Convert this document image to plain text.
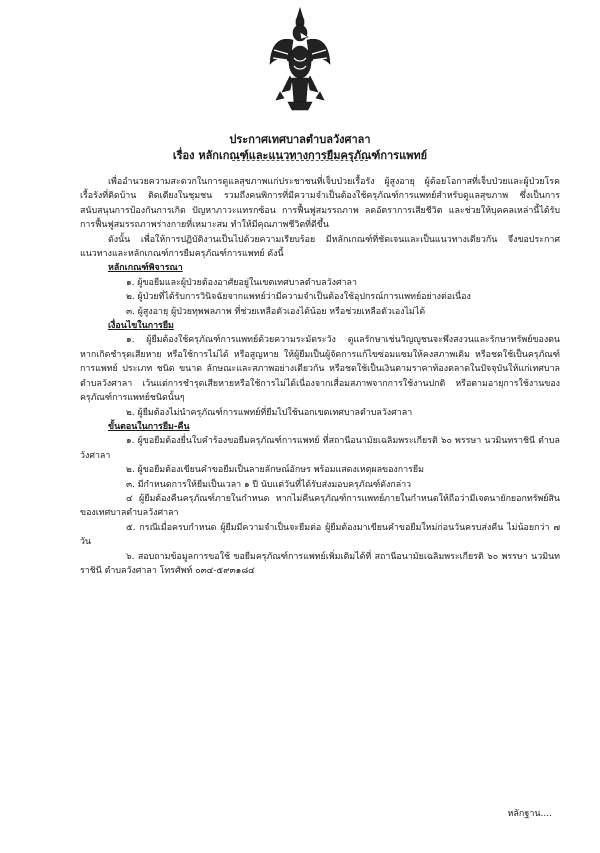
ประกาศเทศบาลตำบลวังศาลา
เรื่อง หลักเกณฑ์และแนวทางการยืมครุภัณฑ์การแพทย์

เพื่ออำนวยความสะดวกในการดูแลสุขภาพแก่ประชาชนที่เจ็บป่วยเรื้อรัง ผู้สูงอายุ ผู้ด้อยโอกาสที่เจ็บป่วยและผู้ป่วยโรคเรื้อรังที่ติดบ้าน ติดเตียงในชุมชน รวมถึงคนพิการที่มีความจำเป็นต้องใช้ครุภัณฑ์การแพทย์สำหรับดูแลสุขภาพ ซึ่งเป็นการสนับสนุนการป้องกันการเกิด ปัญหาภาวะแทรกซ้อน การฟื้นฟูสมรรถภาพ ลดอัตราการเสียชีวิต และช่วยให้บุคคลเหล่านี้ได้รับการฟื้นฟูสมรรถภาพร่างกายที่เหมาะสม ทำให้มีคุณภาพชีวิตที่ดีขึ้น

ดังนั้น เพื่อให้การปฏิบัติงานเป็นไปด้วยความเรียบร้อย มีหลักเกณฑ์ที่ชัดเจนและเป็นแนวทางเดียวกัน จึงขอประกาศแนวทางและหลักเกณฑ์การยืมครุภัณฑ์การแพทย์ ดังนี้

หลักเกณฑ์พิจารณา

๑. ผู้ขอยืมและผู้ป่วยต้องอาศัยอยู่ในเขตเทศบาลตำบลวังศาลา

๒. ผู้ป่วยที่ได้รับการวินิจฉัยจากแพทย์ว่ามีความจำเป็นต้องใช้อุปกรณ์การแพทย์อย่างต่อเนื่อง

๓. ผู้สูงอายุ ผู้ป่วยทุพพลภาพ ที่ช่วยเหลือตัวเองได้น้อย หรือช่วยเหลือตัวเองไม่ได้

เงื่อนไขในการยืม

๑. ผู้ยืมต้องใช้ครุภัณฑ์การแพทย์ด้วยความระมัดระวัง ดูแลรักษาเช่นวิญญูชนจะพึงสงวนและรักษาทรัพย์ของตน หากเกิดชำรุดเสียหาย หรือใช้การไม่ได้ หรือสูญหาย ให้ผู้ยืมเป็นผู้จัดการแก้ไขซ่อมแซมให้คงสภาพเดิม หรือชดใช้เป็นครุภัณฑ์การแพทย์ ประเภท ชนิด ขนาด ลักษณะและสภาพอย่างเดียวกัน หรือชดใช้เป็นเงินตามราคาท้องตลาดในปัจจุบันให้แก่เทศบาลตำบลวังศาลา เว้นแต่การชำรุดเสียหายหรือใช้การไม่ได้เนื่องจากเสื่อมสภาพจากการใช้งานปกติ หรือตามอายุการใช้งานของครุภัณฑ์การแพทย์ชนิดนั้นๆ

๒. ผู้ยืมต้องไม่นำครุภัณฑ์การแพทย์ที่ยืมไปใช้นอกเขตเทศบาลตำบลวังศาลา

ขั้นตอนในการยืม-คืน

๑. ผู้ขอยืมต้องยื่นใบคำร้องขอยืมครุภัณฑ์การแพทย์ ที่สถานีอนามัยเฉลิมพระเกียรติ ๖๐ พรรษา นวมินทราชินี ตำบลวังศาลา

๒. ผู้ขอยืมต้องเขียนคำขอยืมเป็นลายลักษณ์อักษร พร้อมแสดงเหตุผลของการยืม

๓. มีกำหนดการให้ยืมเป็นเวลา ๑ ปี นับแต่วันที่ได้รับส่งมอบครุภัณฑ์ดังกล่าว

๔ ผู้ยืมต้องคืนครุภัณฑ์ภายในกำหนด หากไม่คืนครุภัณฑ์การแพทย์ภายในกำหนดให้ถือว่ามีเจตนายักยอกทรัพย์สินของเทศบาลตำบลวังศาลา

๕. กรณีเมื่อครบกำหนด ผู้ยืมมีความจำเป็นจะยืมต่อ ผู้ยืมต้องมาเขียนคำขอยืมใหม่ก่อนวันครบส่งคืน ไม่น้อยกว่า ๗ วัน

๖. สอบถามข้อมูลการขอใช้ ขอยืมครุภัณฑ์การแพทย์เพิ่มเติมได้ที่ สถานีอนามัยเฉลิมพระเกียรติ ๖๐ พรรษา นวมินทราชินี ตำบลวังศาลา โทรศัพท์ ๐๓๔-๕๙๓๑๘๔

หลักฐาน....
